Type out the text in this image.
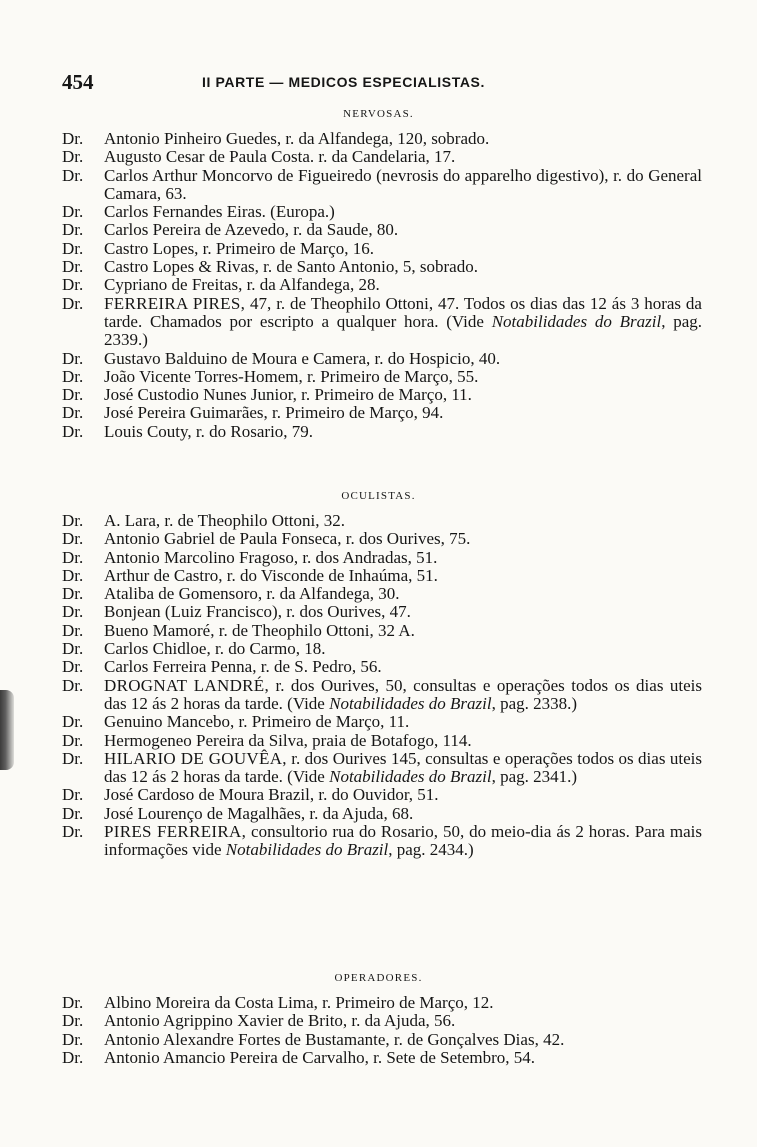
454	II PARTE — MEDICOS ESPECIALISTAS.
NERVOSAS.
Dr. Antonio Pinheiro Guedes, r. da Alfandega, 120, sobrado.
Dr. Augusto Cesar de Paula Costa. r. da Candelaria, 17.
Dr. Carlos Arthur Moncorvo de Figueiredo (nevrosis do apparelho digestivo), r. do General Camara, 63.
Dr. Carlos Fernandes Eiras. (Europa.)
Dr. Carlos Pereira de Azevedo, r. da Saude, 80.
Dr. Castro Lopes, r. Primeiro de Março, 16.
Dr. Castro Lopes & Rivas, r. de Santo Antonio, 5, sobrado.
Dr. Cypriano de Freitas, r. da Alfandega, 28.
Dr. FERREIRA PIRES, 47, r. de Theophilo Ottoni, 47. Todos os dias das 12 ás 3 horas da tarde. Chamados por escripto a qualquer hora. (Vide Notabilidades do Brazil, pag. 2339.)
Dr. Gustavo Balduino de Moura e Camera, r. do Hospicio, 40.
Dr. João Vicente Torres-Homem, r. Primeiro de Março, 55.
Dr. José Custodio Nunes Junior, r. Primeiro de Março, 11.
Dr. José Pereira Guimarães, r. Primeiro de Março, 94.
Dr. Louis Couty, r. do Rosario, 79.
OCULISTAS.
Dr. A. Lara, r. de Theophilo Ottoni, 32.
Dr. Antonio Gabriel de Paula Fonseca, r. dos Ourives, 75.
Dr. Antonio Marcolino Fragoso, r. dos Andradas, 51.
Dr. Arthur de Castro, r. do Visconde de Inhaúma, 51.
Dr. Ataliba de Gomensoro, r. da Alfandega, 30.
Dr. Bonjean (Luiz Francisco), r. dos Ourives, 47.
Dr. Bueno Mamoré, r. de Theophilo Ottoni, 32 A.
Dr. Carlos Chidloe, r. do Carmo, 18.
Dr. Carlos Ferreira Penna, r. de S. Pedro, 56.
Dr. DROGNAT LANDRÉ, r. dos Ourives, 50, consultas e operações todos os dias uteis das 12 ás 2 horas da tarde. (Vide Notabilidades do Brazil, pag. 2338.)
Dr. Genuino Mancebo, r. Primeiro de Março, 11.
Dr. Hermogeneo Pereira da Silva, praia de Botafogo, 114.
Dr. HILARIO DE GOUVÊA, r. dos Ourives 145, consultas e operações todos os dias uteis das 12 ás 2 horas da tarde. (Vide Notabilidades do Brazil, pag. 2341.)
Dr. José Cardoso de Moura Brazil, r. do Ouvidor, 51.
Dr. José Lourenço de Magalhães, r. da Ajuda, 68.
Dr. PIRES FERREIRA, consultorio rua do Rosario, 50, do meio-dia ás 2 horas. Para mais informações vide Notabilidades do Brazil, pag. 2434.)
OPERADORES.
Dr. Albino Moreira da Costa Lima, r. Primeiro de Março, 12.
Dr. Antonio Agrippino Xavier de Brito, r. da Ajuda, 56.
Dr. Antonio Alexandre Fortes de Bustamante, r. de Gonçalves Dias, 42.
Dr. Antonio Amancio Pereira de Carvalho, r. Sete de Setembro, 54.
